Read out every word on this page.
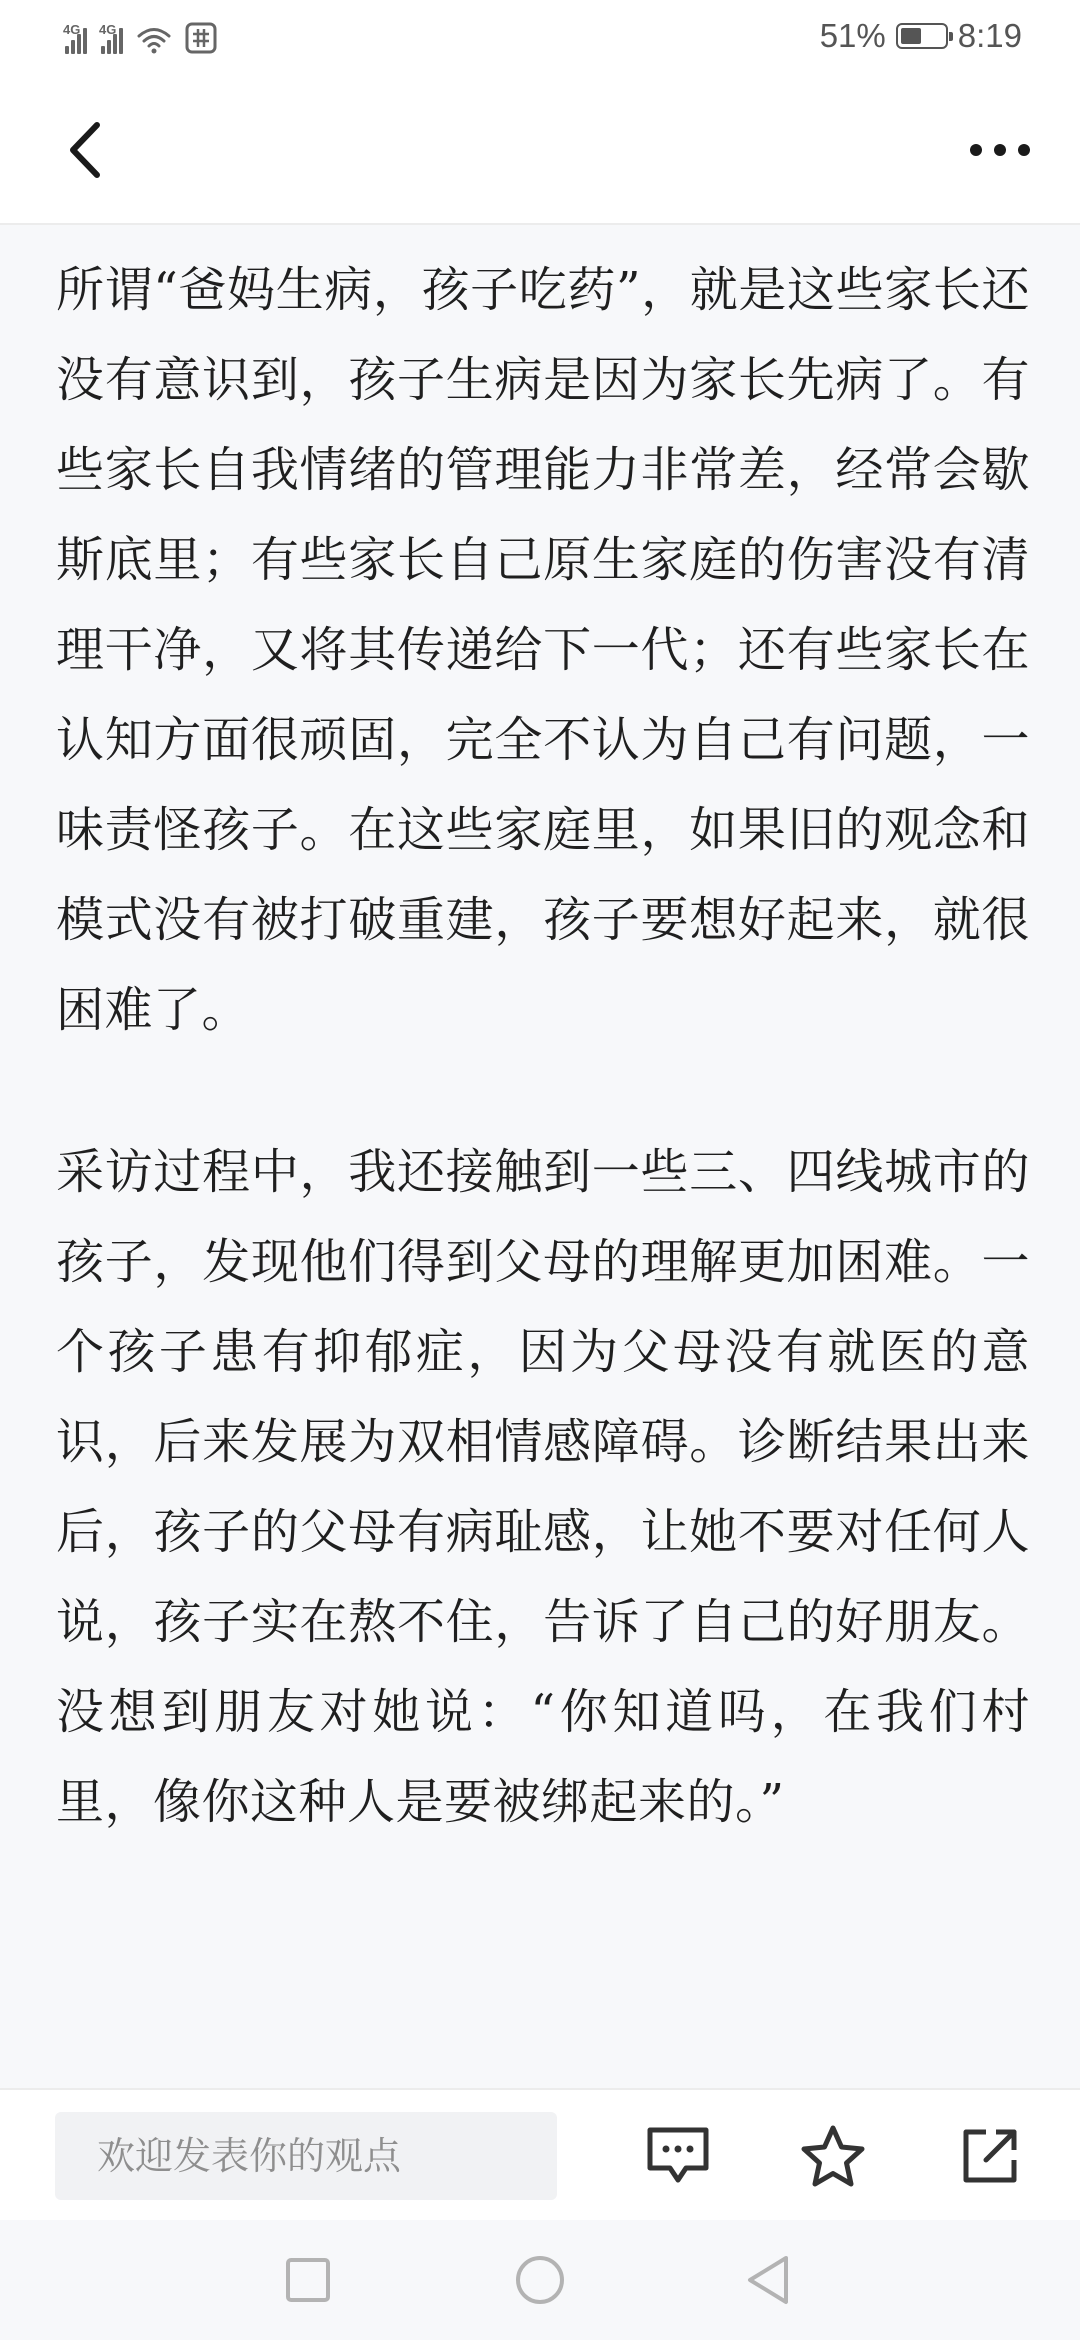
4G 4G	51% 8:19

所谓“爸妈生病，孩子吃药”，就是这些家长还没有意识到，孩子生病是因为家长先病了。有些家长自我情绪的管理能力非常差，经常会歇斯底里；有些家长自己原生家庭的伤害没有清理干净，又将其传递给下一代；还有些家长在认知方面很顽固，完全不认为自己有问题，一味责怪孩子。在这些家庭里，如果旧的观念和模式没有被打破重建，孩子要想好起来，就很困难了。

采访过程中，我还接触到一些三、四线城市的孩子，发现他们得到父母的理解更加困难。一个孩子患有抑郁症，因为父母没有就医的意识，后来发展为双相情感障碍。诊断结果出来后，孩子的父母有病耻感，让她不要对任何人说，孩子实在熬不住，告诉了自己的好朋友。没想到朋友对她说：“你知道吗，在我们村里，像你这种人是要被绑起来的。”

欢迎发表你的观点
